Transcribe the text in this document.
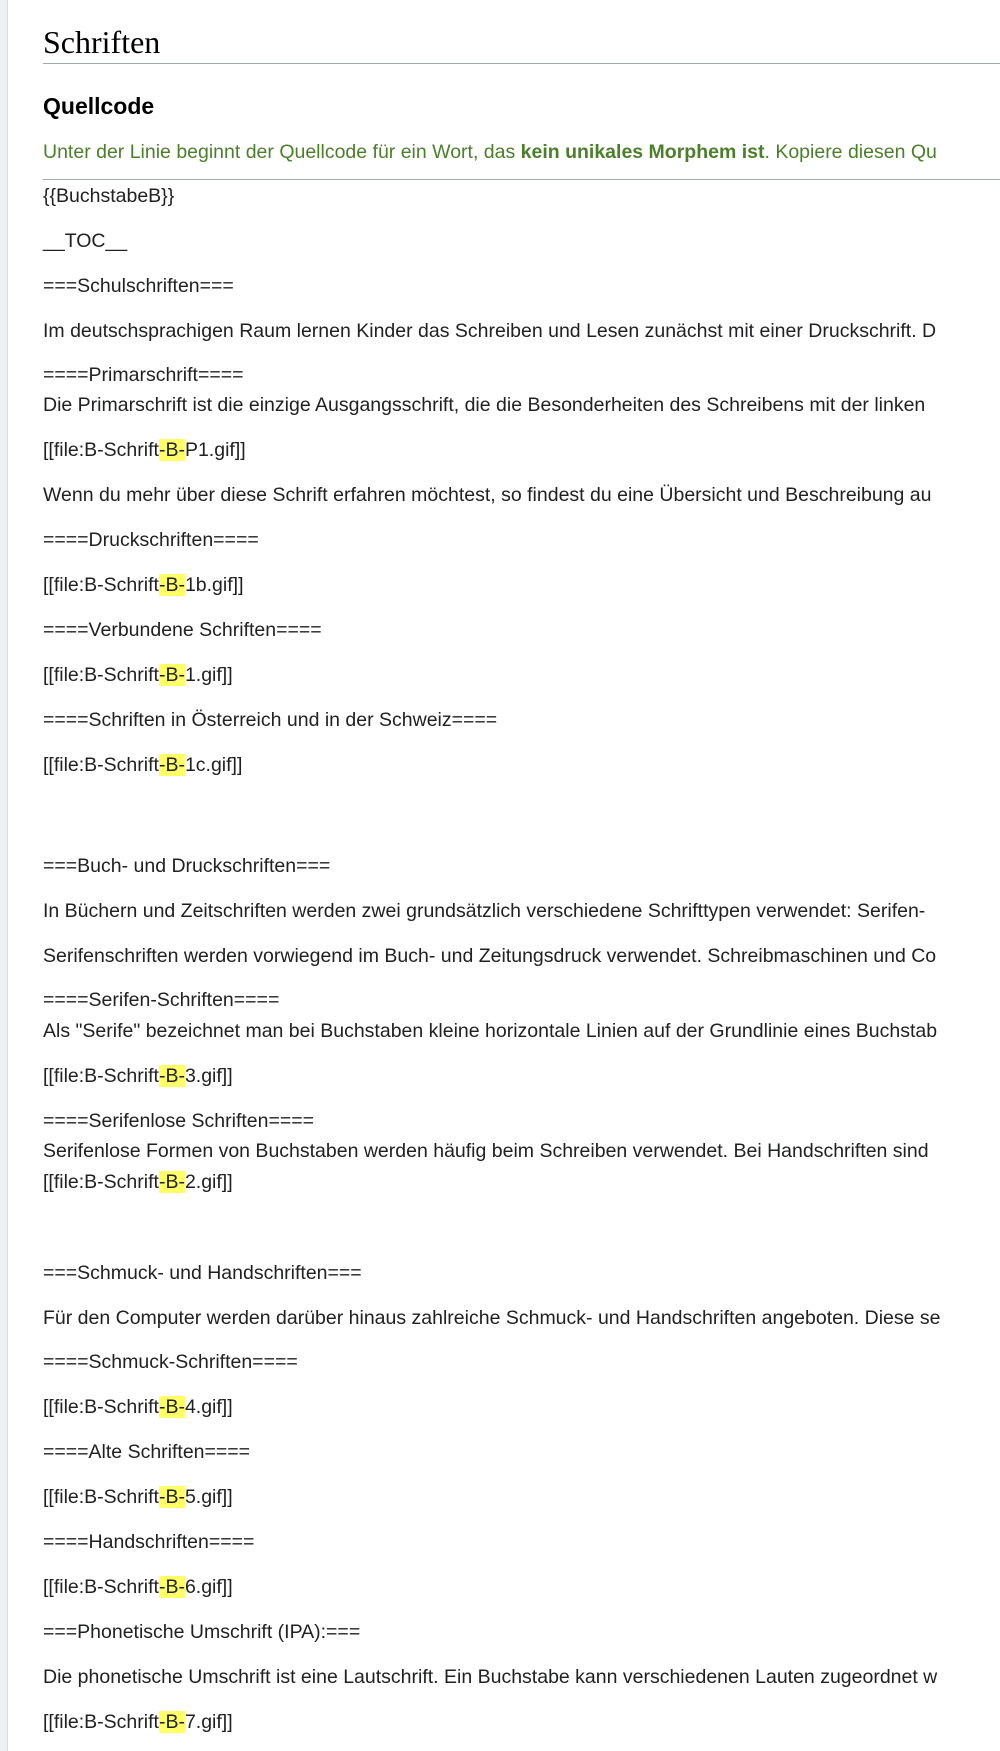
Schriften
Quellcode
Unter der Linie beginnt der Quellcode für ein Wort, das kein unikales Morphem ist. Kopiere diesen Qu
{{BuchstabeB}}
__TOC__
===Schulschriften===
Im deutschsprachigen Raum lernen Kinder das Schreiben und Lesen zunächst mit einer Druckschrift. D
====Primarschrift====
Die Primarschrift ist die einzige Ausgangsschrift, die die Besonderheiten des Schreibens mit der linken
[[file:B-Schrift-B-P1.gif]]
Wenn du mehr über diese Schrift erfahren möchtest, so findest du eine Übersicht und Beschreibung au
====Druckschriften====
[[file:B-Schrift-B-1b.gif]]
====Verbundene Schriften====
[[file:B-Schrift-B-1.gif]]
====Schriften in Österreich und in der Schweiz====
[[file:B-Schrift-B-1c.gif]]
===Buch- und Druckschriften===
In Büchern und Zeitschriften werden zwei grundsätzlich verschiedene Schrifttypen verwendet: Serifen-
Serifenschriften werden vorwiegend im Buch- und Zeitungsdruck verwendet. Schreibmaschinen und Co
====Serifen-Schriften====
Als "Serife" bezeichnet man bei Buchstaben kleine horizontale Linien auf der Grundlinie eines Buchstab
[[file:B-Schrift-B-3.gif]]
====Serifenlose Schriften====
Serifenlose Formen von Buchstaben werden häufig beim Schreiben verwendet. Bei Handschriften sind
[[file:B-Schrift-B-2.gif]]
===Schmuck- und Handschriften===
Für den Computer werden darüber hinaus zahlreiche Schmuck- und Handschriften angeboten. Diese se
====Schmuck-Schriften====
[[file:B-Schrift-B-4.gif]]
====Alte Schriften====
[[file:B-Schrift-B-5.gif]]
====Handschriften====
[[file:B-Schrift-B-6.gif]]
===Phonetische Umschrift (IPA):===
Die phonetische Umschrift ist eine Lautschrift. Ein Buchstabe kann verschiedenen Lauten zugeordnet w
[[file:B-Schrift-B-7.gif]]
